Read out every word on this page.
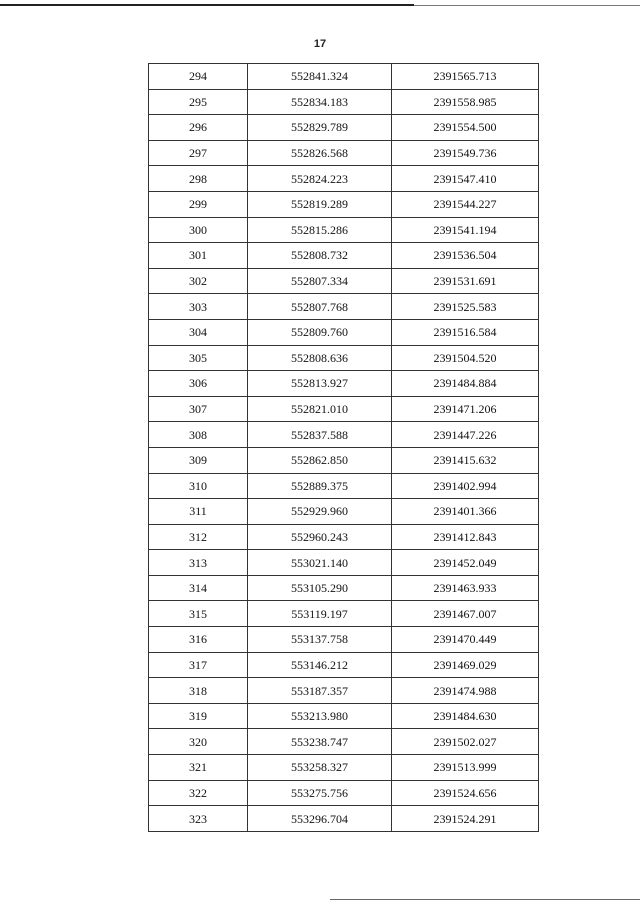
17
294	552841.324	2391565.713
295	552834.183	2391558.985
296	552829.789	2391554.500
297	552826.568	2391549.736
298	552824.223	2391547.410
299	552819.289	2391544.227
300	552815.286	2391541.194
301	552808.732	2391536.504
302	552807.334	2391531.691
303	552807.768	2391525.583
304	552809.760	2391516.584
305	552808.636	2391504.520
306	552813.927	2391484.884
307	552821.010	2391471.206
308	552837.588	2391447.226
309	552862.850	2391415.632
310	552889.375	2391402.994
311	552929.960	2391401.366
312	552960.243	2391412.843
313	553021.140	2391452.049
314	553105.290	2391463.933
315	553119.197	2391467.007
316	553137.758	2391470.449
317	553146.212	2391469.029
318	553187.357	2391474.988
319	553213.980	2391484.630
320	553238.747	2391502.027
321	553258.327	2391513.999
322	553275.756	2391524.656
323	553296.704	2391524.291
